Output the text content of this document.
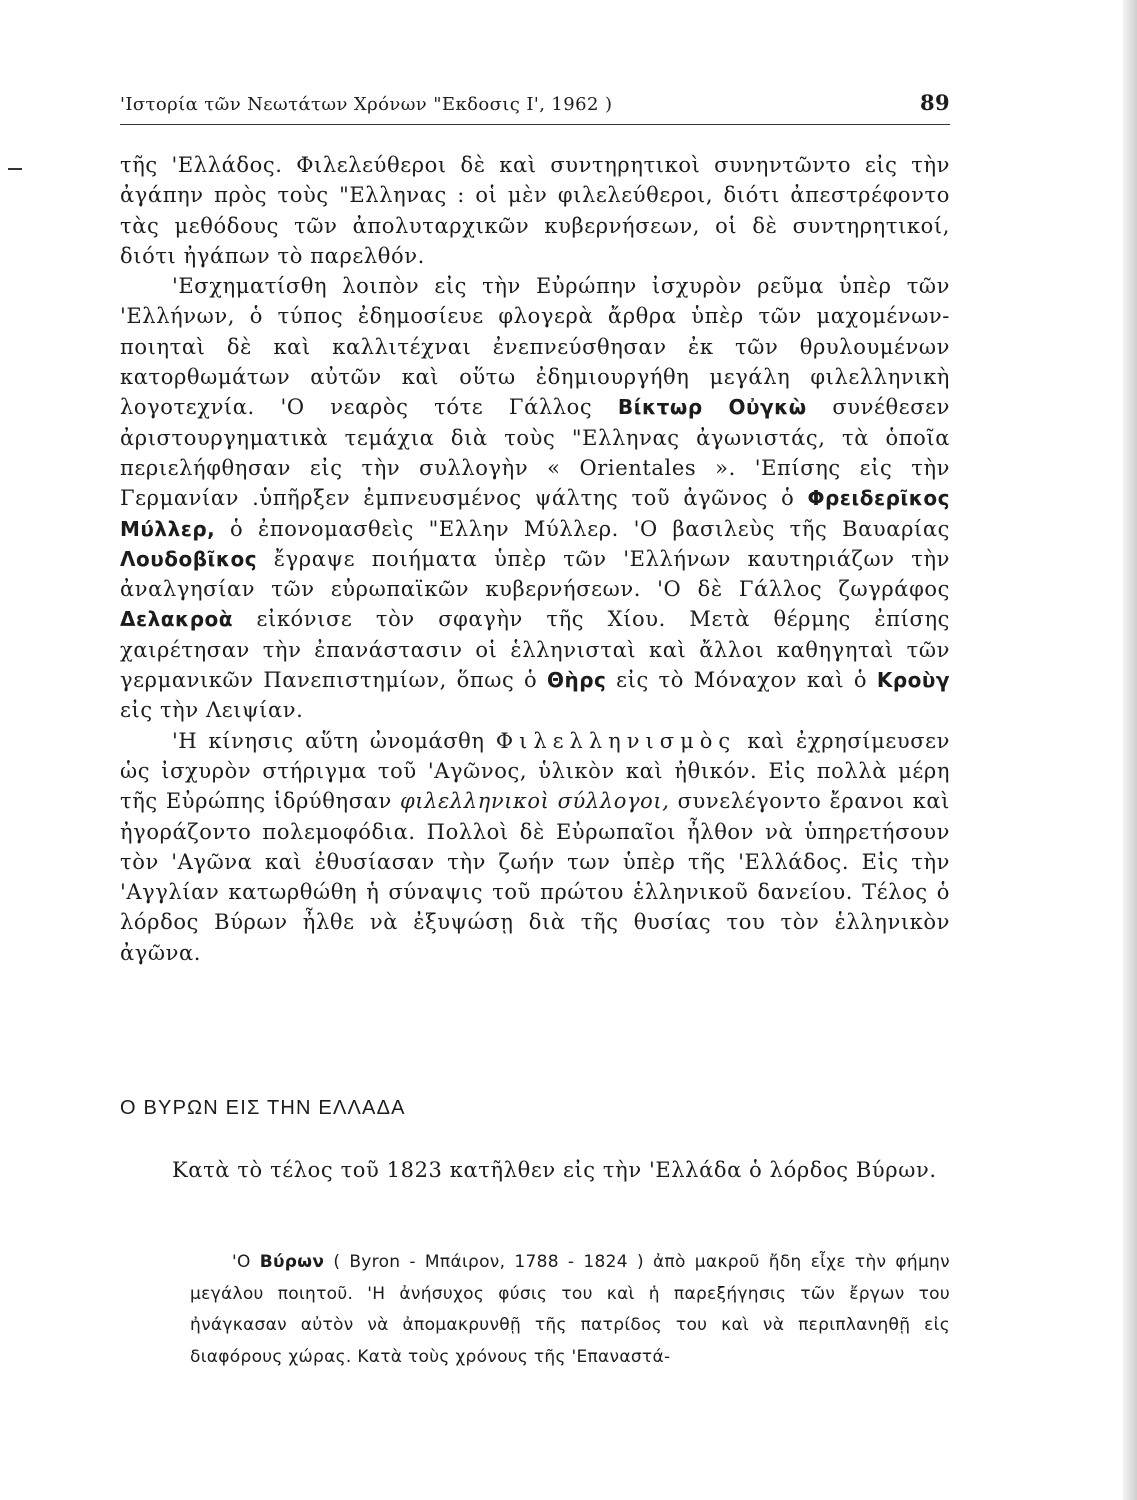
'Ιστορία τῶν Νεωτάτων Χρόνων "Εκδοσις Ι', 1962 )	89

τῆς 'Ελλάδος. Φιλελεύθεροι δὲ καὶ συντηρητικοὶ συνηντῶντο εἰς τὴν ἀγάπην πρὸς τοὺς "Ελληνας : οἱ μὲν φιλελεύθεροι, διότι ἀπεστρέφοντο τὰς μεθόδους τῶν ἀπολυταρχικῶν κυβερνήσεων, οἱ δὲ συντηρητικοί, διότι ἠγάπων τὸ παρελθόν.

'Εσχηματίσθη λοιπὸν εἰς τὴν Εὐρώπην ἰσχυρὸν ρεῦμα ὑπὲρ τῶν 'Ελλήνων, ὁ τύπος ἐδημοσίευε φλογερὰ ἄρθρα ὑπὲρ τῶν μαχομένων- ποιηταὶ δὲ καὶ καλλιτέχναι ἐνεπνεύσθησαν ἐκ τῶν θρυλουμένων κατορθωμάτων αὐτῶν καὶ οὕτω ἐδημιουργήθη μεγάλη φιλελληνικὴ λογοτεχνία. 'Ο νεαρὸς τότε Γάλλος Βίκτωρ Οὐγκὼ συνέθεσεν ἀριστουργηματικὰ τεμάχια διὰ τοὺς "Ελληνας ἀγωνιστάς, τὰ ὁποῖα περιελήφθησαν εἰς τὴν συλλογὴν « Orientales ». 'Επίσης εἰς τὴν Γερμανίαν .ὑπῆρξεν ἐμπνευσμένος ψάλτης τοῦ ἀγῶνος ὁ Φρειδερῖκος Μύλλερ, ὁ ἐπονομασθεὶς "Ελλην Μύλλερ. 'Ο βασιλεὺς τῆς Βαυαρίας Λουδοβῖκος ἔγραψε ποιήματα ὑπὲρ τῶν 'Ελλήνων καυτηριάζων τὴν ἀναλγησίαν τῶν εὐρωπαϊκῶν κυβερνήσεων. 'Ο δὲ Γάλλος ζωγράφος Δελακροὰ εἰκόνισε τὸν σφαγὴν τῆς Χίου. Μετὰ θέρμης ἐπίσης χαιρέτησαν τὴν ἐπανάστασιν οἱ ἑλληνισταὶ καὶ ἄλλοι καθηγηταὶ τῶν γερμανικῶν Πανεπιστημίων, ὅπως ὁ Θὴρς εἰς τὸ Μόναχον καὶ ὁ Κροὺγ εἰς τὴν Λειψίαν.

'Η κίνησις αὕτη ὠνομάσθη Φιλελληνισμὸς καὶ ἐχρησίμευσεν ὡς ἰσχυρὸν στήριγμα τοῦ 'Αγῶνος, ὑλικὸν καὶ ἠθικόν. Εἰς πολλὰ μέρη τῆς Εὐρώπης ἱδρύθησαν φιλελληνικοὶ σύλλογοι, συνελέγοντο ἔρανοι καὶ ἠγοράζοντο πολεμοφόδια. Πολλοὶ δὲ Εὐρωπαῖοι ἦλθον νὰ ὑπηρετήσουν τὸν 'Αγῶνα καὶ ἐθυσίασαν τὴν ζωήν των ὑπὲρ τῆς 'Ελλάδος. Εἰς τὴν 'Αγγλίαν κατωρθώθη ἡ σύναψις τοῦ πρώτου ἑλληνικοῦ δανείου. Τέλος ὁ λόρδος Βύρων ἦλθε νὰ ἐξυψώσῃ διὰ τῆς θυσίας του τὸν ἑλληνικὸν ἀγῶνα.

Ο ΒΥΡΩΝ ΕΙΣ ΤΗΝ ΕΛΛΑΔΑ
Κατὰ τὸ τέλος τοῦ 1823 κατῆλθεν εἰς τὴν 'Ελλάδα ὁ λόρδος Βύρων.
'Ο Βύρων ( Byron - Μπάιρον, 1788 - 1824 ) ἀπὸ μακροῦ ἤδη εἶχε τὴν φήμην μεγάλου ποιητοῦ. 'Η ἀνήσυχος φύσις του καὶ ἡ παρεξήγησις τῶν ἔργων του ἠνάγκασαν αὐτὸν νὰ ἀπομακρυνθῇ τῆς πατρίδος του καὶ νὰ περιπλανηθῇ εἰς διαφόρους χώρας. Κατὰ τοὺς χρόνους τῆς 'Επαναστά-
